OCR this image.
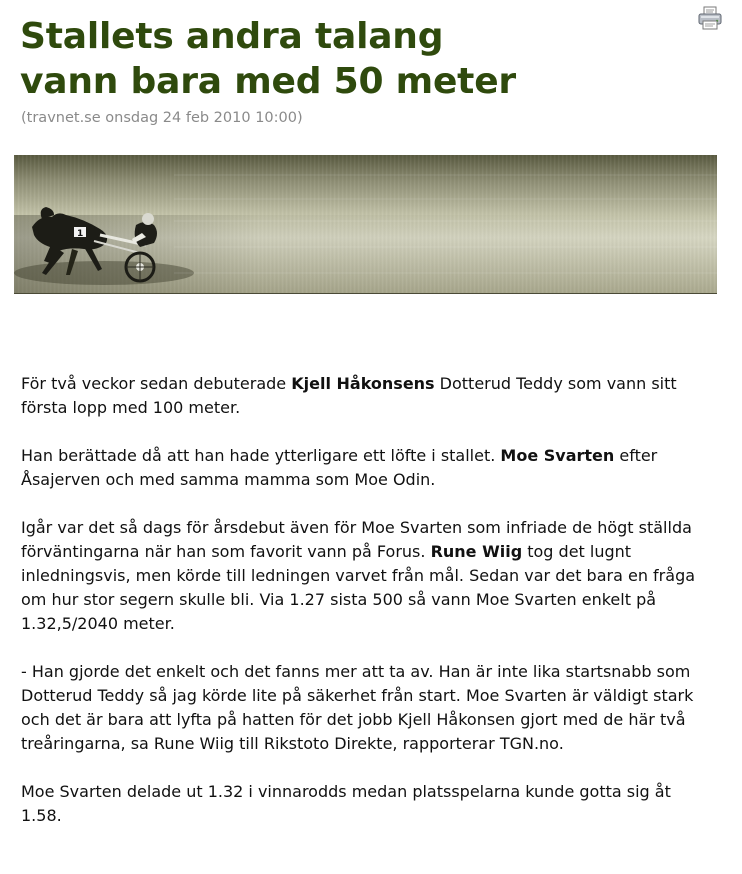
Stallets andra talang
vann bara med 50 meter
(travnet.se onsdag 24 feb 2010 10:00)
1

För två veckor sedan debuterade Kjell Håkonsens Dotterud Teddy som vann sitt första lopp med 100 meter.

Han berättade då att han hade ytterligare ett löfte i stallet. Moe Svarten efter Åsajerven och med samma mamma som Moe Odin.

Igår var det så dags för årsdebut även för Moe Svarten som infriade de högt ställda förväntingarna när han som favorit vann på Forus. Rune Wiig tog det lugnt inledningsvis, men körde till ledningen varvet från mål. Sedan var det bara en fråga om hur stor segern skulle bli. Via 1.27 sista 500 så vann Moe Svarten enkelt på 1.32,5/2040 meter.

- Han gjorde det enkelt och det fanns mer att ta av. Han är inte lika startsnabb som Dotterud Teddy så jag körde lite på säkerhet från start. Moe Svarten är väldigt stark och det är bara att lyfta på hatten för det jobb Kjell Håkonsen gjort med de här två treåringarna, sa Rune Wiig till Rikstoto Direkte, rapporterar TGN.no.

Moe Svarten delade ut 1.32 i vinnarodds medan platsspelarna kunde gotta sig åt 1.58.
